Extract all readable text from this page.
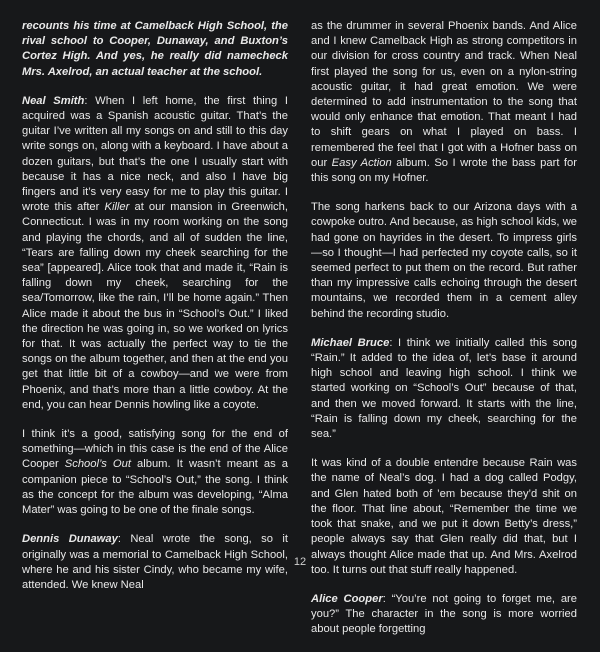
recounts his time at Camelback High School, the rival school to Cooper, Dunaway, and Buxton’s Cortez High. And yes, he really did namecheck Mrs. Axelrod, an actual teacher at the school.

Neal Smith: When I left home, the first thing I acquired was a Spanish acoustic guitar. That’s the guitar I’ve written all my songs on and still to this day write songs on, along with a keyboard. I have about a dozen guitars, but that’s the one I usually start with because it has a nice neck, and also I have big fingers and it’s very easy for me to play this guitar. I wrote this after Killer at our mansion in Greenwich, Connecticut. I was in my room working on the song and playing the chords, and all of sudden the line, “Tears are falling down my cheek searching for the sea” [appeared]. Alice took that and made it, “Rain is falling down my cheek, searching for the sea/Tomorrow, like the rain, I’ll be home again.” Then Alice made it about the bus in “School’s Out.” I liked the direction he was going in, so we worked on lyrics for that. It was actually the perfect way to tie the songs on the album together, and then at the end you get that little bit of a cowboy—and we were from Phoenix, and that’s more than a little cowboy. At the end, you can hear Dennis howling like a coyote.

I think it’s a good, satisfying song for the end of something—which in this case is the end of the Alice Cooper School’s Out album. It wasn’t meant as a companion piece to “School’s Out,” the song. I think as the concept for the album was developing, “Alma Mater” was going to be one of the finale songs.

Dennis Dunaway: Neal wrote the song, so it originally was a memorial to Camelback High School, where he and his sister Cindy, who became my wife, attended. We knew Neal

as the drummer in several Phoenix bands. And Alice and I knew Camelback High as strong competitors in our division for cross country and track. When Neal first played the song for us, even on a nylon-string acoustic guitar, it had great emotion. We were determined to add instrumentation to the song that would only enhance that emotion. That meant I had to shift gears on what I played on bass. I remembered the feel that I got with a Hofner bass on our Easy Action album. So I wrote the bass part for this song on my Hofner.

The song harkens back to our Arizona days with a cowpoke outro. And because, as high school kids, we had gone on hayrides in the desert. To impress girls—so I thought—I had perfected my coyote calls, so it seemed perfect to put them on the record. But rather than my impressive calls echoing through the desert mountains, we recorded them in a cement alley behind the recording studio.

Michael Bruce: I think we initially called this song “Rain.” It added to the idea of, let’s base it around high school and leaving high school. I think we started working on “School’s Out” because of that, and then we moved forward. It starts with the line, “Rain is falling down my cheek, searching for the sea.”

It was kind of a double entendre because Rain was the name of Neal’s dog. I had a dog called Podgy, and Glen hated both of ’em because they’d shit on the floor. That line about, “Remember the time we took that snake, and we put it down Betty’s dress,” people always say that Glen really did that, but I always thought Alice made that up. And Mrs. Axelrod too. It turns out that stuff really happened.

Alice Cooper: “You’re not going to forget me, are you?” The character in the song is more worried about people forgetting

12
